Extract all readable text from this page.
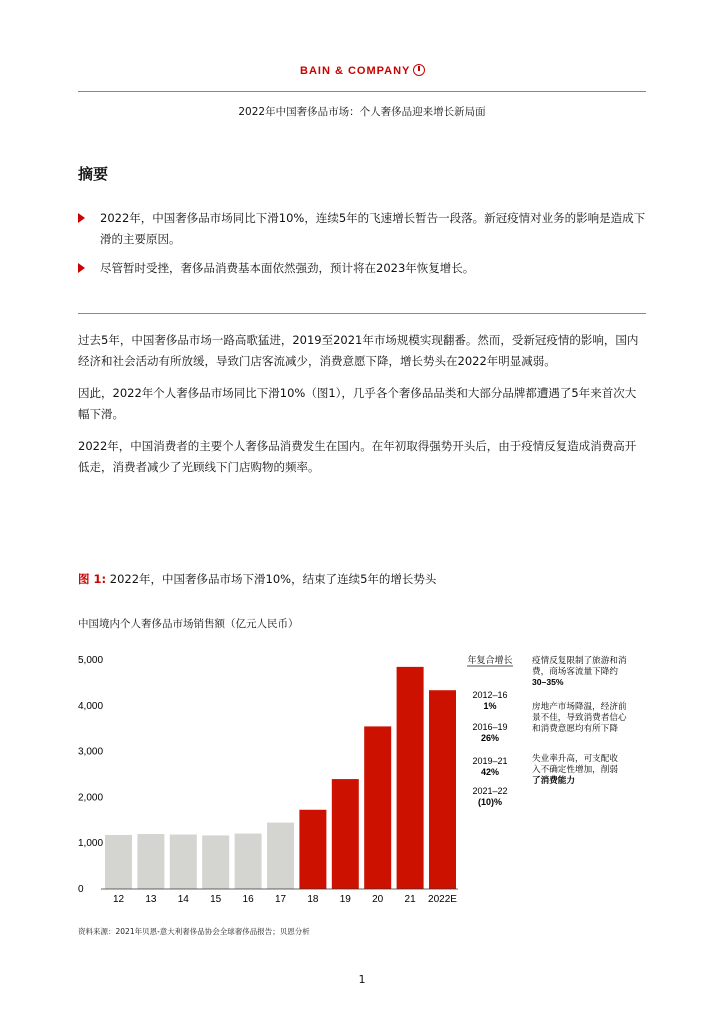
BAIN & COMPANY
2022年中国奢侈品市场：个人奢侈品迎来增长新局面
摘要
2022年，中国奢侈品市场同比下滑10%，连续5年的飞速增长暂告一段落。新冠疫情对业务的影响是造成下滑的主要原因。
尽管暂时受挫，奢侈品消费基本面依然强劲，预计将在2023年恢复增长。
过去5年，中国奢侈品市场一路高歌猛进，2019至2021年市场规模实现翻番。然而，受新冠疫情的影响，国内经济和社会活动有所放缓，导致门店客流减少，消费意愿下降，增长势头在2022年明显减弱。
因此，2022年个人奢侈品市场同比下滑10%（图1），几乎各个奢侈品品类和大部分品牌都遭遇了5年来首次大幅下滑。
2022年，中国消费者的主要个人奢侈品消费发生在国内。在年初取得强势开头后，由于疫情反复造成消费高开低走，消费者减少了光顾线下门店购物的频率。
图 1: 2022年，中国奢侈品市场下滑10%，结束了连续5年的增长势头
中国境内个人奢侈品市场销售额（亿元人民币）
0
1,000
2,000
3,000
4,000
5,000
12 13 14 15 16 17 18 19 20 21 2022E
年复合增长
2012–16
1%
2016–19
26%
2019–21
42%
2021–22
(10)%
疫情反复限制了旅游和消
费，商场客流量下降约
30–35%
房地产市场降温，经济前
景不佳，导致消费者信心
和消费意愿均有所下降
失业率升高，可支配收
入不确定性增加，削弱
了消费能力
资料来源：2021年贝恩-意大利奢侈品协会全球奢侈品报告；贝恩分析
1
